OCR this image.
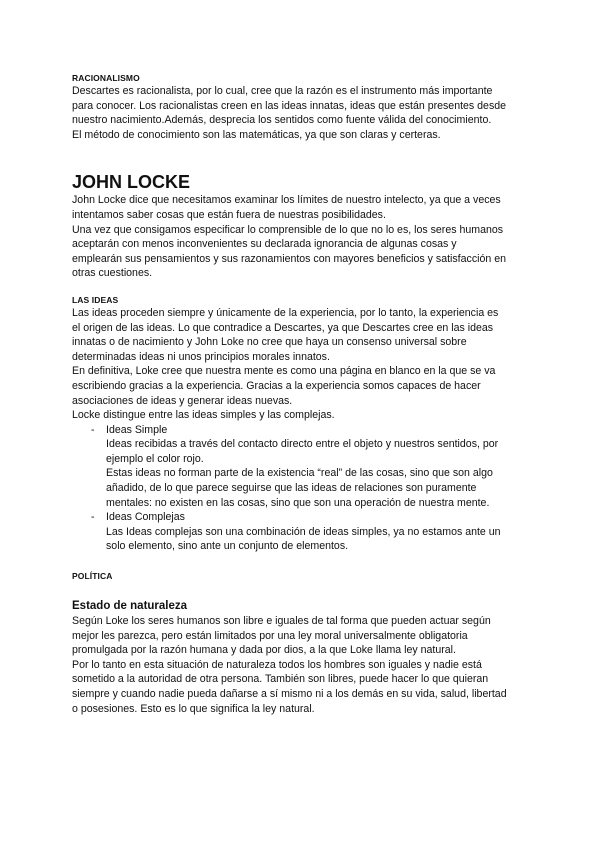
RACIONALISMO

Descartes es racionalista, por lo cual, cree que la razón es el instrumento más importante

para conocer. Los racionalistas creen en las ideas innatas, ideas que están presentes desde

nuestro nacimiento.Además, desprecia los sentidos como fuente válida del conocimiento.

El método de conocimiento son las matemáticas, ya que son claras y certeras.

JOHN LOCKE

John Locke dice que necesitamos examinar los límites de nuestro intelecto, ya que a veces

intentamos saber cosas que están fuera de nuestras posibilidades.

Una vez que consigamos especificar lo comprensible de lo que no lo es, los seres humanos

aceptarán con menos inconvenientes su declarada ignorancia de algunas cosas y

emplearán sus pensamientos y sus razonamientos con mayores beneficios y satisfacción en

otras cuestiones.

LAS IDEAS

Las ideas proceden siempre y únicamente de la experiencia, por lo tanto, la experiencia es

el origen de las ideas. Lo que contradice a Descartes, ya que Descartes cree en las ideas

innatas o de nacimiento y John Loke no cree que haya un consenso universal sobre

determinadas ideas ni unos principios morales innatos.

En definitiva, Loke cree que nuestra mente es como una página en blanco en la que se va

escribiendo gracias a la experiencia. Gracias a la experiencia somos capaces de hacer

asociaciones de ideas y generar ideas nuevas.

Locke distingue entre las ideas simples y las complejas.

- Ideas Simple

Ideas recibidas a través del contacto directo entre el objeto y nuestros sentidos, por

ejemplo el color rojo.

Estas ideas no forman parte de la existencia “real” de las cosas, sino que son algo

añadido, de lo que parece seguirse que las ideas de relaciones son puramente

mentales: no existen en las cosas, sino que son una operación de nuestra mente.

- Ideas Complejas

Las Ideas complejas son una combinación de ideas simples, ya no estamos ante un

solo elemento, sino ante un conjunto de elementos.

POLÍTICA
Estado de naturaleza

Según Loke los seres humanos son libre e iguales de tal forma que pueden actuar según

mejor les parezca, pero están limitados por una ley moral universalmente obligatoria

promulgada por la razón humana y dada por dios, a la que Loke llama ley natural.

Por lo tanto en esta situación de naturaleza todos los hombres son iguales y nadie está

sometido a la autoridad de otra persona. También son libres, puede hacer lo que quieran

siempre y cuando nadie pueda dañarse a sí mismo ni a los demás en su vida, salud, libertad

o posesiones. Esto es lo que significa la ley natural.
